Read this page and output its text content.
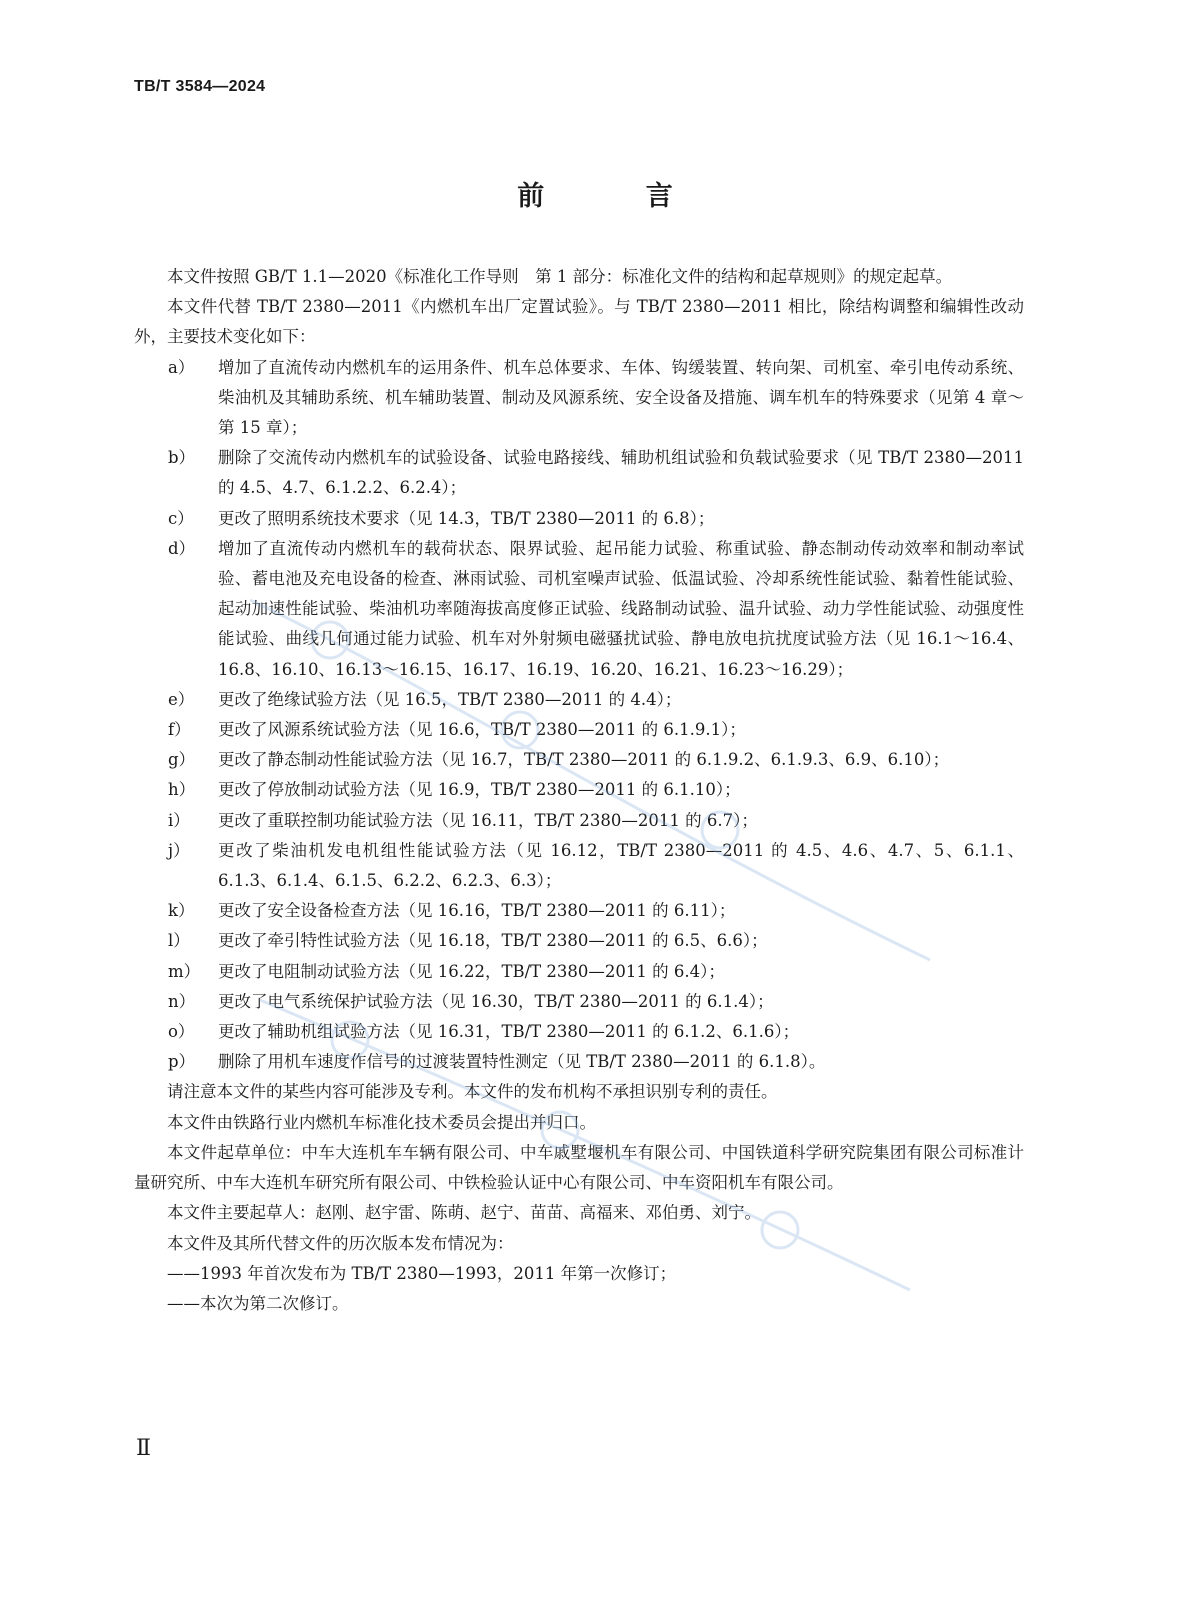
TB/T 3584—2024
前 言

本文件按照 GB/T 1.1—2020《标准化工作导则　第 1 部分：标准化文件的结构和起草规则》的规定起草。

本文件代替 TB/T 2380—2011《内燃机车出厂定置试验》。与 TB/T 2380—2011 相比，除结构调整和编辑性改动外，主要技术变化如下：

a）	增加了直流传动内燃机车的运用条件、机车总体要求、车体、钩缓装置、转向架、司机室、牵引电传动系统、柴油机及其辅助系统、机车辅助装置、制动及风源系统、安全设备及措施、调车机车的特殊要求（见第 4 章～第 15 章）；

b）	删除了交流传动内燃机车的试验设备、试验电路接线、辅助机组试验和负载试验要求（见 TB/T 2380—2011 的 4.5、4.7、6.1.2.2、6.2.4）；

c）	更改了照明系统技术要求（见 14.3，TB/T 2380—2011 的 6.8）；

d）	增加了直流传动内燃机车的载荷状态、限界试验、起吊能力试验、称重试验、静态制动传动效率和制动率试验、蓄电池及充电设备的检查、淋雨试验、司机室噪声试验、低温试验、冷却系统性能试验、黏着性能试验、起动加速性能试验、柴油机功率随海拔高度修正试验、线路制动试验、温升试验、动力学性能试验、动强度性能试验、曲线几何通过能力试验、机车对外射频电磁骚扰试验、静电放电抗扰度试验方法（见 16.1～16.4、16.8、16.10、16.13～16.15、16.17、16.19、16.20、16.21、16.23～16.29）；

e）	更改了绝缘试验方法（见 16.5，TB/T 2380—2011 的 4.4）；

f）	更改了风源系统试验方法（见 16.6，TB/T 2380—2011 的 6.1.9.1）；

g）	更改了静态制动性能试验方法（见 16.7，TB/T 2380—2011 的 6.1.9.2、6.1.9.3、6.9、6.10）；

h）	更改了停放制动试验方法（见 16.9，TB/T 2380—2011 的 6.1.10）；

i）	更改了重联控制功能试验方法（见 16.11，TB/T 2380—2011 的 6.7）；

j）	更改了柴油机发电机组性能试验方法（见 16.12，TB/T 2380—2011 的 4.5、4.6、4.7、5、6.1.1、6.1.3、6.1.4、6.1.5、6.2.2、6.2.3、6.3）；

k）	更改了安全设备检查方法（见 16.16，TB/T 2380—2011 的 6.11）；

l）	更改了牵引特性试验方法（见 16.18，TB/T 2380—2011 的 6.5、6.6）；

m）	更改了电阻制动试验方法（见 16.22，TB/T 2380—2011 的 6.4）；

n）	更改了电气系统保护试验方法（见 16.30，TB/T 2380—2011 的 6.1.4）；

o）	更改了辅助机组试验方法（见 16.31，TB/T 2380—2011 的 6.1.2、6.1.6）；

p）	删除了用机车速度作信号的过渡装置特性测定（见 TB/T 2380—2011 的 6.1.8）。

请注意本文件的某些内容可能涉及专利。本文件的发布机构不承担识别专利的责任。

本文件由铁路行业内燃机车标准化技术委员会提出并归口。

本文件起草单位：中车大连机车车辆有限公司、中车戚墅堰机车有限公司、中国铁道科学研究院集团有限公司标准计量研究所、中车大连机车研究所有限公司、中铁检验认证中心有限公司、中车资阳机车有限公司。

本文件主要起草人：赵刚、赵宇雷、陈萌、赵宁、苗苗、高福来、邓伯勇、刘宁。

本文件及其所代替文件的历次版本发布情况为：

——1993 年首次发布为 TB/T 2380—1993，2011 年第一次修订；

——本次为第二次修订。

Ⅱ
